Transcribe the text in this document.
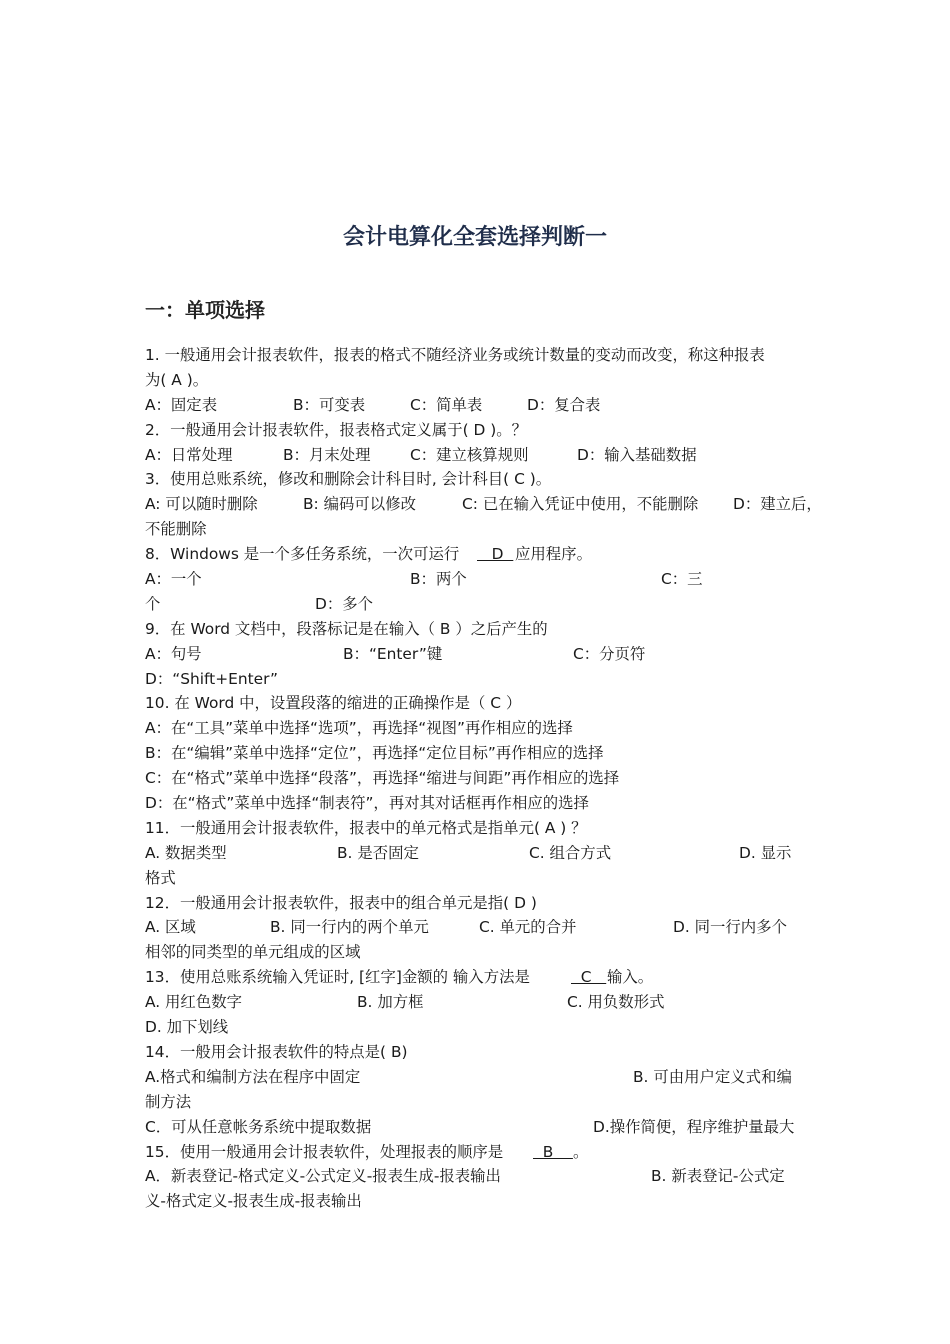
会计电算化全套选择判断一
一：单项选择
1. 一般通用会计报表软件，报表的格式不随经济业务或统计数量的变动而改变，称这种报表
为( A )。
A：固定表	B：可变表	C：简单表	D：复合表
2．一般通用会计报表软件，报表格式定义属于( D )。？
A：日常处理	B：月末处理	C：建立核算规则	D：输入基础数据
3．使用总账系统，修改和删除会计科目时, 会计科目( C )。
A: 可以随时删除	B: 编码可以修改	C: 已在输入凭证中使用，不能删除 D：建立后，
不能删除
8．Windows 是一个多任务系统，一次可运行 D 应用程序。
A：一个	B：两个	C：三
个	D：多个
9．在 Word 文档中，段落标记是在输入（ B ）之后产生的
A：句号	B：“Enter”键	C：分页符
D：“Shift+Enter”
10. 在 Word 中，设置段落的缩进的正确操作是（ C ）
A：在“工具”菜单中选择“选项”，再选择“视图”再作相应的选择
B：在“编辑”菜单中选择“定位”，再选择“定位目标”再作相应的选择
C：在“格式”菜单中选择“段落”，再选择“缩进与间距”再作相应的选择
D：在“格式”菜单中选择“制表符”，再对其对话框再作相应的选择
11．一般通用会计报表软件，报表中的单元格式是指单元( A ) ？
A. 数据类型	B. 是否固定	C. 组合方式	D. 显示
格式
12．一般通用会计报表软件，报表中的组合单元是指( D )
A. 区域	B. 同一行内的两个单元	C. 单元的合并	D. 同一行内多个
相邻的同类型的单元组成的区域
13．使用总账系统输入凭证时, [红字]金额的 输入方法是	C 输入。
A. 用红色数字	B. 加方框	C. 用负数形式
D. 加下划线
14．一般用会计报表软件的特点是( B)
A.格式和编制方法在程序中固定	B. 可由用户定义式和编
制方法
C．可从任意帐务系统中提取数据	D.操作简便，程序维护量最大
15．使用一般通用会计报表软件，处理报表的顺序是 B 。
A．新表登记-格式定义-公式定义-报表生成-报表输出	B. 新表登记-公式定
义-格式定义-报表生成-报表输出
